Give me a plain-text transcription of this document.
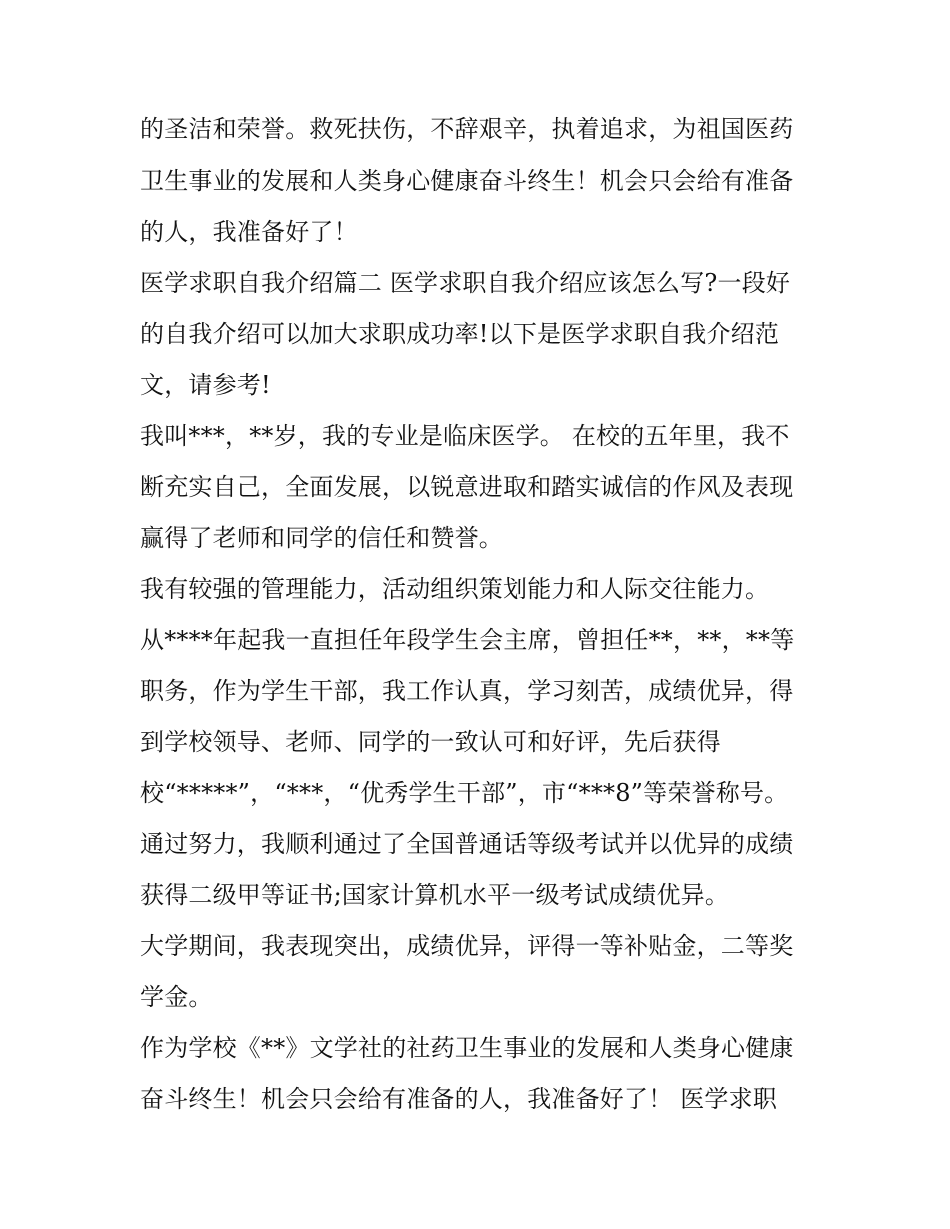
的圣洁和荣誉。救死扶伤，不辞艰辛，执着追求，为祖国医药
卫生事业的发展和人类身心健康奋斗终生！机会只会给有准备
的人，我准备好了！
医学求职自我介绍篇二 医学求职自我介绍应该怎么写?一段好
的自我介绍可以加大求职成功率!以下是医学求职自我介绍范
文，请参考!
我叫***，**岁，我的专业是临床医学。 在校的五年里，我不
断充实自己，全面发展，以锐意进取和踏实诚信的作风及表现
赢得了老师和同学的信任和赞誉。
我有较强的管理能力，活动组织策划能力和人际交往能力。
从****年起我一直担任年段学生会主席，曾担任**，**，**等
职务，作为学生干部，我工作认真，学习刻苦，成绩优异，得
到学校领导、老师、同学的一致认可和好评，先后获得
校“*****”，“***，“优秀学生干部”，市“***8”等荣誉称号。
通过努力，我顺利通过了全国普通话等级考试并以优异的成绩
获得二级甲等证书;国家计算机水平一级考试成绩优异。
大学期间，我表现突出，成绩优异，评得一等补贴金，二等奖
学金。
作为学校《**》文学社的社药卫生事业的发展和人类身心健康
奋斗终生！机会只会给有准备的人，我准备好了！ 医学求职
